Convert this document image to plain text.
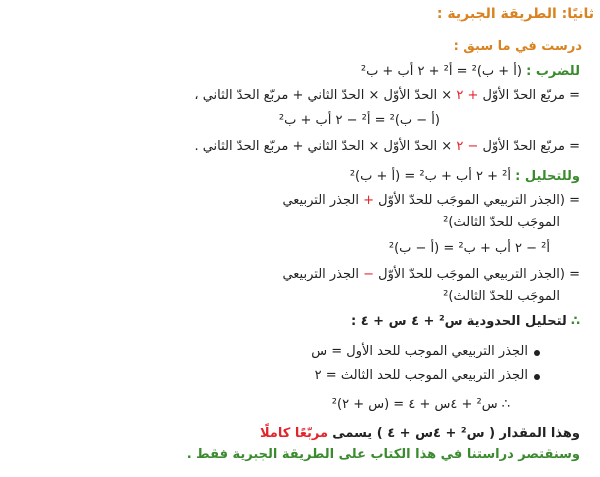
ثانيًا: الطريقة الجبرية :
درست في ما سبق :
للضرب : (أ + ب)² = أ² + ٢ أب + ب²
= مربّع الحدّ الأوّل + ٢ × الحدّ الأوّل × الحدّ الثاني + مربّع الحدّ الثاني ،
(أ − ب)² = أ² − ٢ أب + ب²
= مربّع الحدّ الأوّل − ٢ × الحدّ الأوّل × الحدّ الثاني + مربّع الحدّ الثاني .
وللتحليل : أ² + ٢ أب + ب² = (أ + ب)²
= (الجذر التربيعي الموجَب للحدّ الأوّل + الجذر التربيعي
الموجَب للحدّ الثالث)²
أ² − ٢ أب + ب² = (أ − ب)²
= (الجذر التربيعي الموجَب للحدّ الأوّل − الجذر التربيعي
الموجَب للحدّ الثالث)²
∴ لتحليل الحدودية س² + ٤ س + ٤ :
الجذر التربيعي الموجب للحد الأول = س
الجذر التربيعي الموجب للحد الثالث = ٢
∴ س² + ٤س + ٤ = (س + ٢)²
وهذا المقدار ( س² + ٤س + ٤ ) يسمى مربّعًا كاملًا
وسنقتصر دراستنا في هذا الكتاب على الطريقة الجبرية فقط .
